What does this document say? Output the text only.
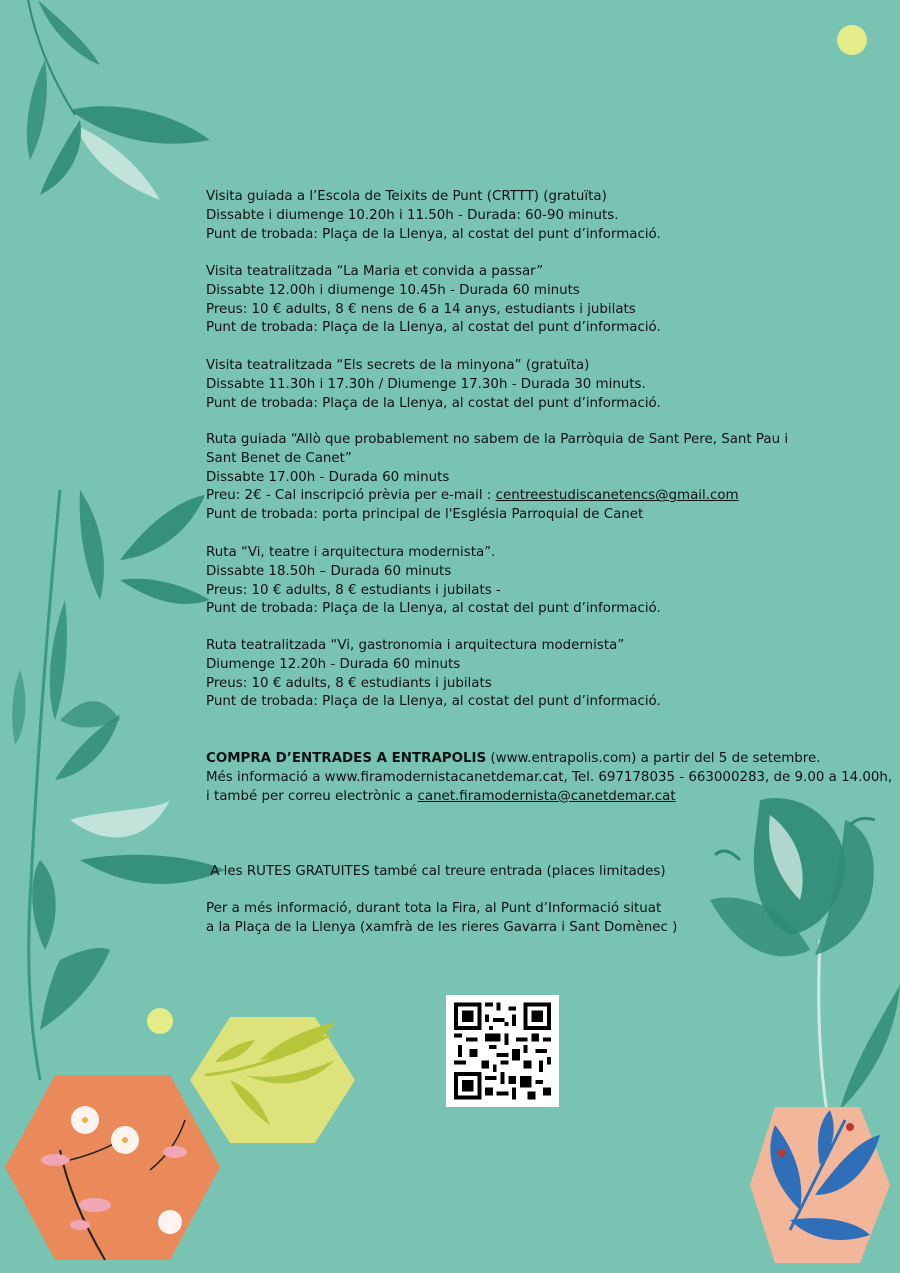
Visita guiada a l’Escola de Teixits de Punt (CRTTT) (gratuïta)
Dissabte i diumenge 10.20h i 11.50h - Durada: 60-90 minuts.
Punt de trobada: Plaça de la Llenya, al costat del punt d’informació.
Visita teatralitzada “La Maria et convida a passar”
Dissabte 12.00h i diumenge 10.45h - Durada 60 minuts
Preus: 10 € adults, 8 € nens de 6 a 14 anys, estudiants i jubilats
Punt de trobada: Plaça de la Llenya, al costat del punt d’informació.
Visita teatralitzada “Els secrets de la minyona” (gratuïta)
Dissabte 11.30h i 17.30h / Diumenge 17.30h - Durada 30 minuts.
Punt de trobada: Plaça de la Llenya, al costat del punt d’informació.
Ruta guiada “Allò que probablement no sabem de la Parròquia de Sant Pere, Sant Pau i
Sant Benet de Canet”
Dissabte 17.00h - Durada 60 minuts
Preu: 2€ - Cal inscripció prèvia per e-mail : centreestudiscanetencs@gmail.com
Punt de trobada: porta principal de l'Església Parroquial de Canet
Ruta “Vi, teatre i arquitectura modernista”.
Dissabte 18.50h – Durada 60 minuts
Preus: 10 € adults, 8 € estudiants i jubilats -
Punt de trobada: Plaça de la Llenya, al costat del punt d’informació.
Ruta teatralitzada “Vi, gastronomia i arquitectura modernista”
Diumenge 12.20h - Durada 60 minuts
Preus: 10 € adults, 8 € estudiants i jubilats
Punt de trobada: Plaça de la Llenya, al costat del punt d’informació.
COMPRA D’ENTRADES A ENTRAPOLIS (www.entrapolis.com) a partir del 5 de setembre.
Més informació a www.firamodernistacanetdemar.cat, Tel. 697178035 - 663000283, de 9.00 a 14.00h,
i també per correu electrònic a canet.firamodernista@canetdemar.cat

A les RUTES GRATUITES també cal treure entrada (places limitades)

Per a més informació, durant tota la Fira, al Punt d’Informació situat
a la Plaça de la Llenya (xamfrà de les rieres Gavarra i Sant Domènec )
